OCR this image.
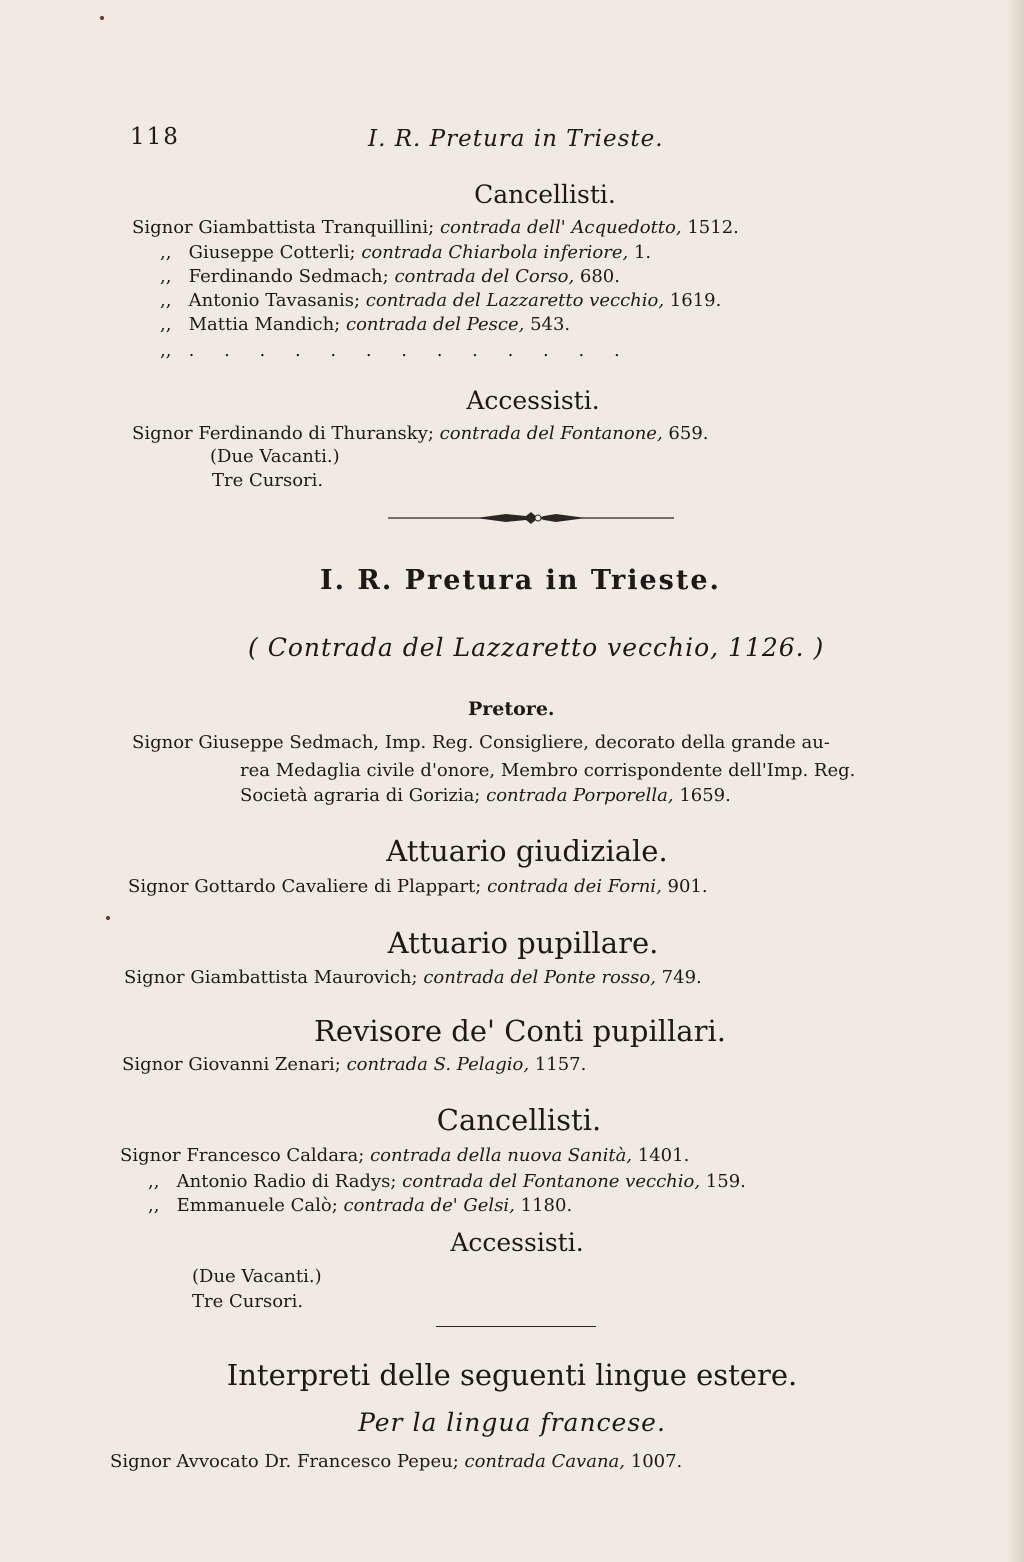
118	I. R. Pretura in Trieste.
Cancellisti.
Signor Giambattista Tranquillini; contrada dell' Acquedotto, 1512.
,, Giuseppe Cotterli; contrada Chiarbola inferiore, 1.
,, Ferdinando Sedmach; contrada del Corso, 680.
,, Antonio Tavasanis; contrada del Lazzaretto vecchio, 1619.
,, Mattia Mandich; contrada del Pesce, 543.
,, . . . . . . . . . . . . .
Accessisti.
Signor Ferdinando di Thuransky; contrada del Fontanone, 659.
(Due Vacanti.)
Tre Cursori.
I. R. Pretura in Trieste.
( Contrada del Lazzaretto vecchio, 1126. )
Pretore.
Signor Giuseppe Sedmach, Imp. Reg. Consigliere, decorato della grande au-
rea Medaglia civile d'onore, Membro corrispondente dell'Imp. Reg.
Società agraria di Gorizia; contrada Porporella, 1659.
Attuario giudiziale.
Signor Gottardo Cavaliere di Plappart; contrada dei Forni, 901.
Attuario pupillare.
Signor Giambattista Maurovich; contrada del Ponte rosso, 749.
Revisore de' Conti pupillari.
Signor Giovanni Zenari; contrada S. Pelagio, 1157.
Cancellisti.
Signor Francesco Caldara; contrada della nuova Sanità, 1401.
,, Antonio Radio di Radys; contrada del Fontanone vecchio, 159.
,, Emmanuele Calò; contrada de' Gelsi, 1180.
Accessisti.
(Due Vacanti.)
Tre Cursori.
Interpreti delle seguenti lingue estere.
Per la lingua francese.
Signor Avvocato Dr. Francesco Pepeu; contrada Cavana, 1007.
